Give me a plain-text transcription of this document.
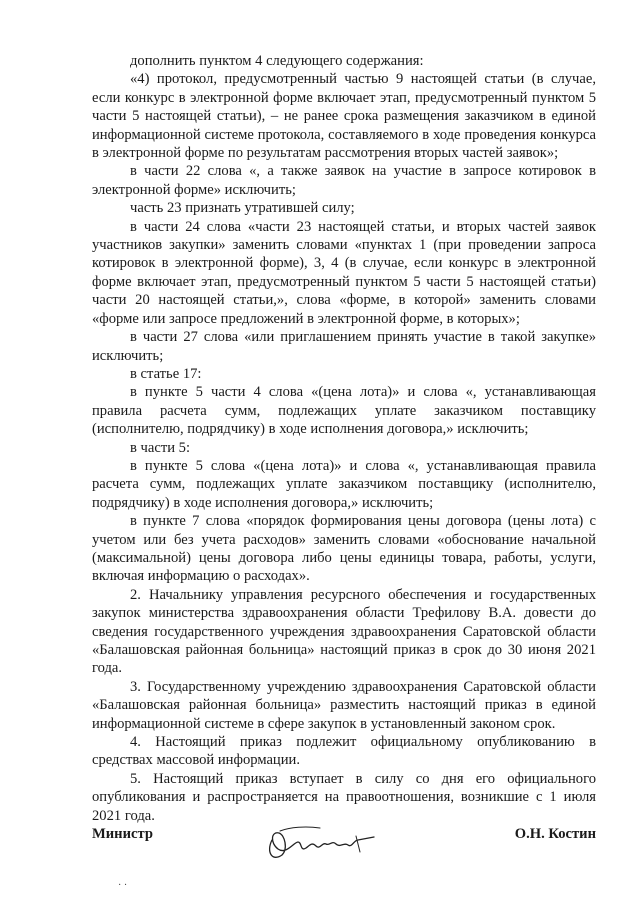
дополнить пунктом 4 следующего содержания:

«4) протокол, предусмотренный частью 9 настоящей статьи (в случае, если конкурс в электронной форме включает этап, предусмотренный пунктом 5 части 5 настоящей статьи), – не ранее срока размещения заказчиком в единой информационной системе протокола, составляемого в ходе проведения конкурса в электронной форме по результатам рассмотрения вторых частей заявок»;

в части 22 слова «, а также заявок на участие в запросе котировок в электронной форме» исключить;

часть 23 признать утратившей силу;

в части 24 слова «части 23 настоящей статьи, и вторых частей заявок участников закупки» заменить словами «пунктах 1 (при проведении запроса котировок в электронной форме), 3, 4 (в случае, если конкурс в электронной форме включает этап, предусмотренный пунктом 5 части 5 настоящей статьи) части 20 настоящей статьи,», слова «форме, в которой» заменить словами «форме или запросе предложений в электронной форме, в которых»;

в части 27 слова «или приглашением принять участие в такой закупке» исключить;

в статье 17:

в пункте 5 части 4 слова «(цена лота)» и слова «, устанавливающая правила расчета сумм, подлежащих уплате заказчиком поставщику (исполнителю, подрядчику) в ходе исполнения договора,» исключить;

в части 5:

в пункте 5 слова «(цена лота)» и слова «, устанавливающая правила расчета сумм, подлежащих уплате заказчиком поставщику (исполнителю, подрядчику) в ходе исполнения договора,» исключить;

в пункте 7 слова «порядок формирования цены договора (цены лота) с учетом или без учета расходов» заменить словами «обоснование начальной (максимальной) цены договора либо цены единицы товара, работы, услуги, включая информацию о расходах».

2. Начальнику управления ресурсного обеспечения и государственных закупок министерства здравоохранения области Трефилову В.А. довести до сведения государственного учреждения здравоохранения Саратовской области «Балашовская районная больница» настоящий приказ в срок до 30 июня 2021 года.

3. Государственному учреждению здравоохранения Саратовской области «Балашовская районная больница» разместить настоящий приказ в единой информационной системе в сфере закупок в установленный законом срок.

4. Настоящий приказ подлежит официальному опубликованию в средствах массовой информации.

5. Настоящий приказ вступает в силу со дня его официального опубликования и распространяется на правоотношения, возникшие с 1 июля 2021 года.

Министр	О.Н. Костин
· ·
